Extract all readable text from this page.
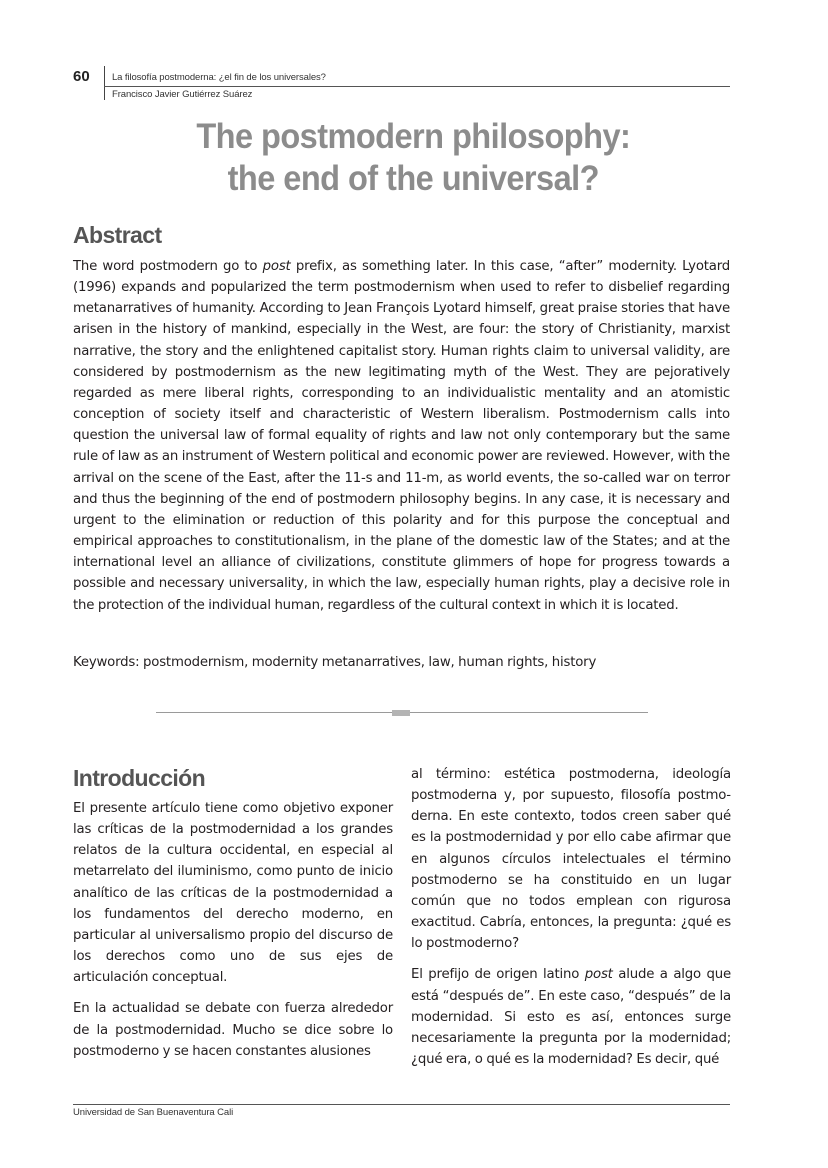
60 La filosofía postmoderna: ¿el fin de los universales?
Francisco Javier Gutiérrez Suárez
The postmodern philosophy:
the end of the universal?
Abstract

The word postmodern go to post prefix, as something later. In this case, “after” modernity. Lyotard (1996) expands and popularized the term postmodernism when used to refer to disbelief regarding metanarratives of humanity. According to Jean François Lyotard himself, great praise stories that have arisen in the history of mankind, especially in the West, are four: the story of Christianity, marxist narrative, the story and the enlightened capitalist story. Human rights claim to universal validity, are considered by postmodernism as the new legitimating myth of the West. They are pejoratively regarded as mere liberal rights, corresponding to an individualistic mentality and an atomistic conception of society itself and characteristic of Western liberalism. Postmodernism calls into question the universal law of formal equality of rights and law not only contemporary but the same rule of law as an instrument of Western political and economic power are reviewed. However, with the arrival on the scene of the East, after the 11-s and 11-m, as world events, the so-called war on terror and thus the beginning of the end of postmodern philosophy begins. In any case, it is necessary and urgent to the elimination or reduction of this polarity and for this purpose the conceptual and empirical approaches to constitutionalism, in the plane of the domestic law of the States; and at the international level an alliance of civilizations, constitute glimmers of hope for progress towards a possible and necessary universality, in which the law, especially human rights, play a decisive role in the protection of the individual human, regardless of the cultural context in which it is located.

Keywords: postmodernism, modernity metanarratives, law, human rights, history
Introducción

El presente artículo tiene como objetivo exponer las críticas de la postmodernidad a los grandes relatos de la cultura occidental, en especial al metarrelato del iluminismo, como punto de inicio analítico de las críticas de la postmodernidad a los fundamentos del derecho moderno, en particular al universalismo propio del discurso de los derechos como uno de sus ejes de articulación conceptual.

En la actualidad se debate con fuerza alrededor de la postmodernidad. Mucho se dice sobre lo postmoderno y se hacen constantes alusiones

al término: estética postmoderna, ideología postmoderna y, por supuesto, filosofía postmoderna. En este contexto, todos creen saber qué es la postmodernidad y por ello cabe afirmar que en algunos círculos intelectuales el término postmoderno se ha constituido en un lugar común que no todos emplean con rigurosa exactitud. Cabría, entonces, la pregunta: ¿qué es lo postmoderno?

El prefijo de origen latino post alude a algo que está “después de”. En este caso, “después” de la modernidad. Si esto es así, entonces surge necesariamente la pregunta por la modernidad; ¿qué era, o qué es la modernidad? Es decir, qué

Universidad de San Buenaventura Cali
